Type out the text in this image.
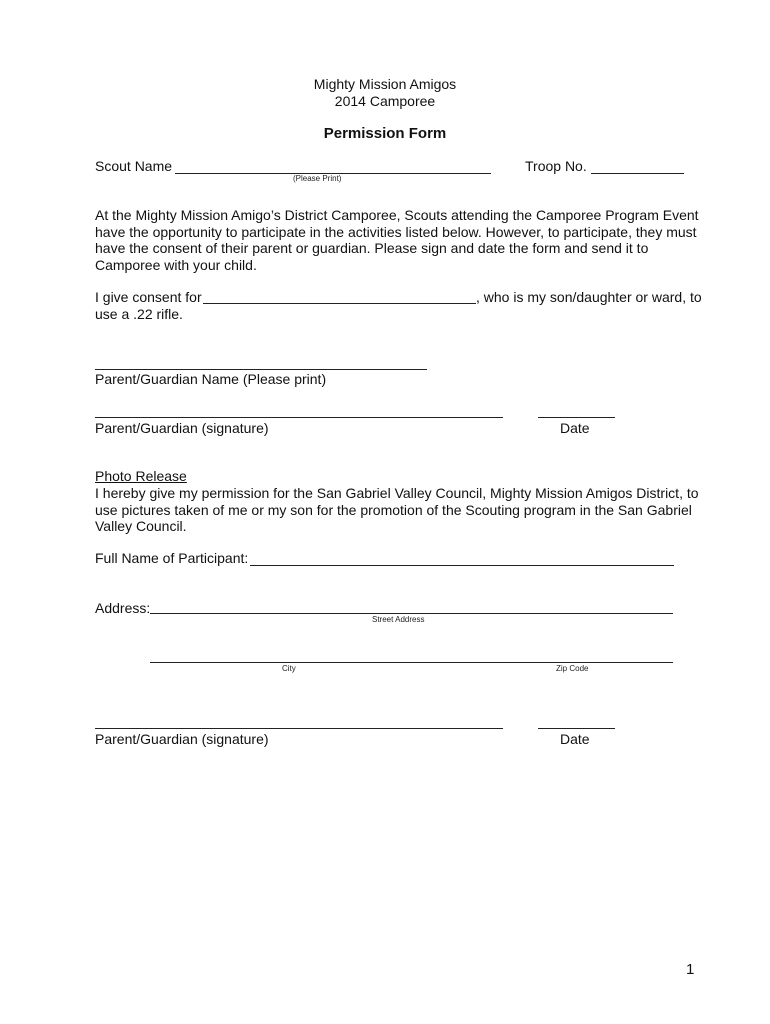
Mighty Mission Amigos
2014 Camporee
Permission Form
Scout Name
(Please Print)
Troop No.
At the Mighty Mission Amigo’s District Camporee, Scouts attending the Camporee Program Event
have the opportunity to participate in the activities listed below. However, to participate, they must
have the consent of their parent or guardian. Please sign and date the form and send it to
Camporee with your child.
I give consent for	, who is my son/daughter or ward, to
use a .22 rifle.
Parent/Guardian Name (Please print)
Parent/Guardian (signature)	Date
Photo Release
I hereby give my permission for the San Gabriel Valley Council, Mighty Mission Amigos District, to
use pictures taken of me or my son for the promotion of the Scouting program in the San Gabriel
Valley Council.
Full Name of Participant:
Address:
Street Address
City	Zip Code
Parent/Guardian (signature)	Date
1
